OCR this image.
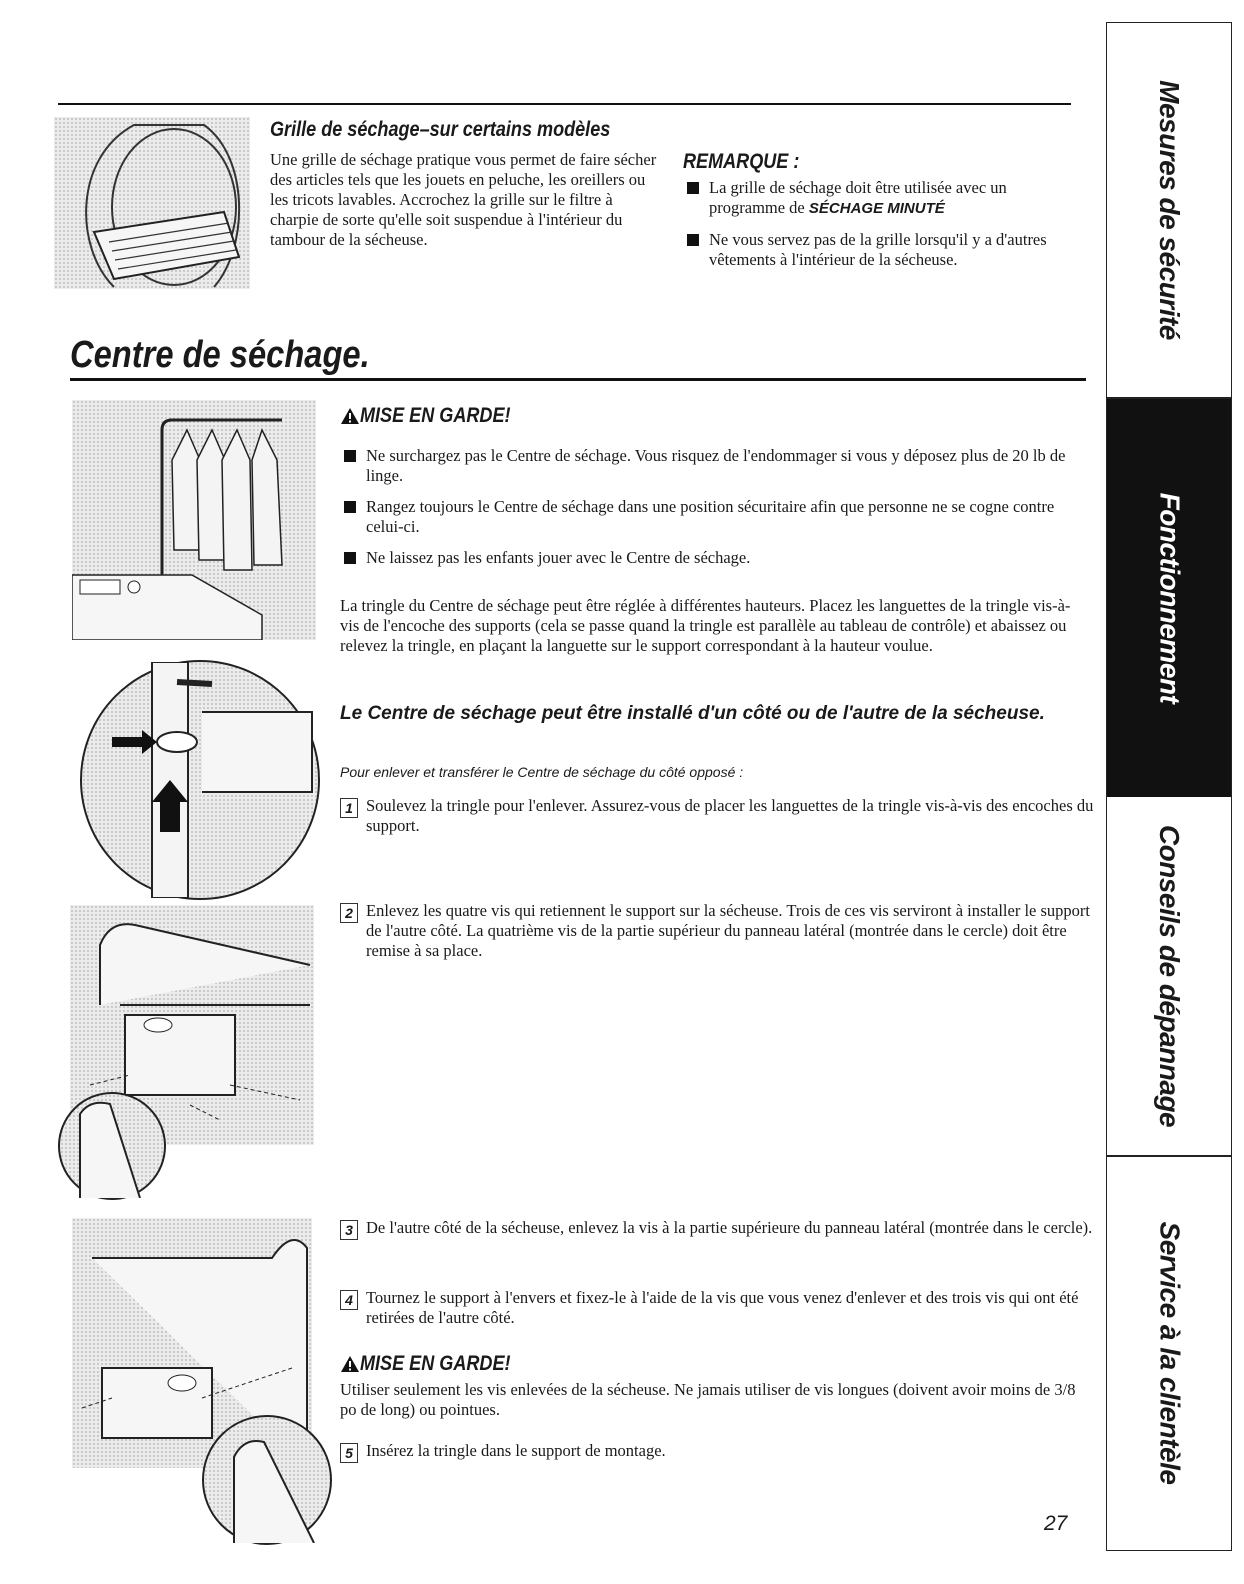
Grille de séchage–sur certains modèles
Une grille de séchage pratique vous permet de faire sécher des articles tels que les jouets en peluche, les oreillers ou les tricots lavables. Accrochez la grille sur le filtre à charpie de sorte qu'elle soit suspendue à l'intérieur du tambour de la sécheuse.
REMARQUE :
La grille de séchage doit être utilisée avec un programme de SÉCHAGE MINUTÉ
Ne vous servez pas de la grille lorsqu'il y a d'autres vêtements à l'intérieur de la sécheuse.
Centre de séchage.
MISE EN GARDE!
Ne surchargez pas le Centre de séchage. Vous risquez de l'endommager si vous y déposez plus de 20 lb de linge.
Rangez toujours le Centre de séchage dans une position sécuritaire afin que personne ne se cogne contre celui-ci.
Ne laissez pas les enfants jouer avec le Centre de séchage.
La tringle du Centre de séchage peut être réglée à différentes hauteurs. Placez les languettes de la tringle vis-à-vis de l'encoche des supports (cela se passe quand la tringle est parallèle au tableau de contrôle) et abaissez ou relevez la tringle, en plaçant la languette sur le support correspondant à la hauteur voulue.
Le Centre de séchage peut être installé d'un côté ou de l'autre de la sécheuse.
Pour enlever et transférer le Centre de séchage du côté opposé :
1 Soulevez la tringle pour l'enlever. Assurez-vous de placer les languettes de la tringle vis-à-vis des encoches du support.
2 Enlevez les quatre vis qui retiennent le support sur la sécheuse. Trois de ces vis serviront à installer le support de l'autre côté. La quatrième vis de la partie supérieur du panneau latéral (montrée dans le cercle) doit être remise à sa place.
3 De l'autre côté de la sécheuse, enlevez la vis à la partie supérieure du panneau latéral (montrée dans le cercle).
4 Tournez le support à l'envers et fixez-le à l'aide de la vis que vous venez d'enlever et des trois vis qui ont été retirées de l'autre côté.
MISE EN GARDE!
Utiliser seulement les vis enlevées de la sécheuse. Ne jamais utiliser de vis longues (doivent avoir moins de 3/8 po de long) ou pointues.
5 Insérez la tringle dans le support de montage.
27
Mesures de sécurité
Fonctionnement
Conseils de dépannage
Service à la clientèle
